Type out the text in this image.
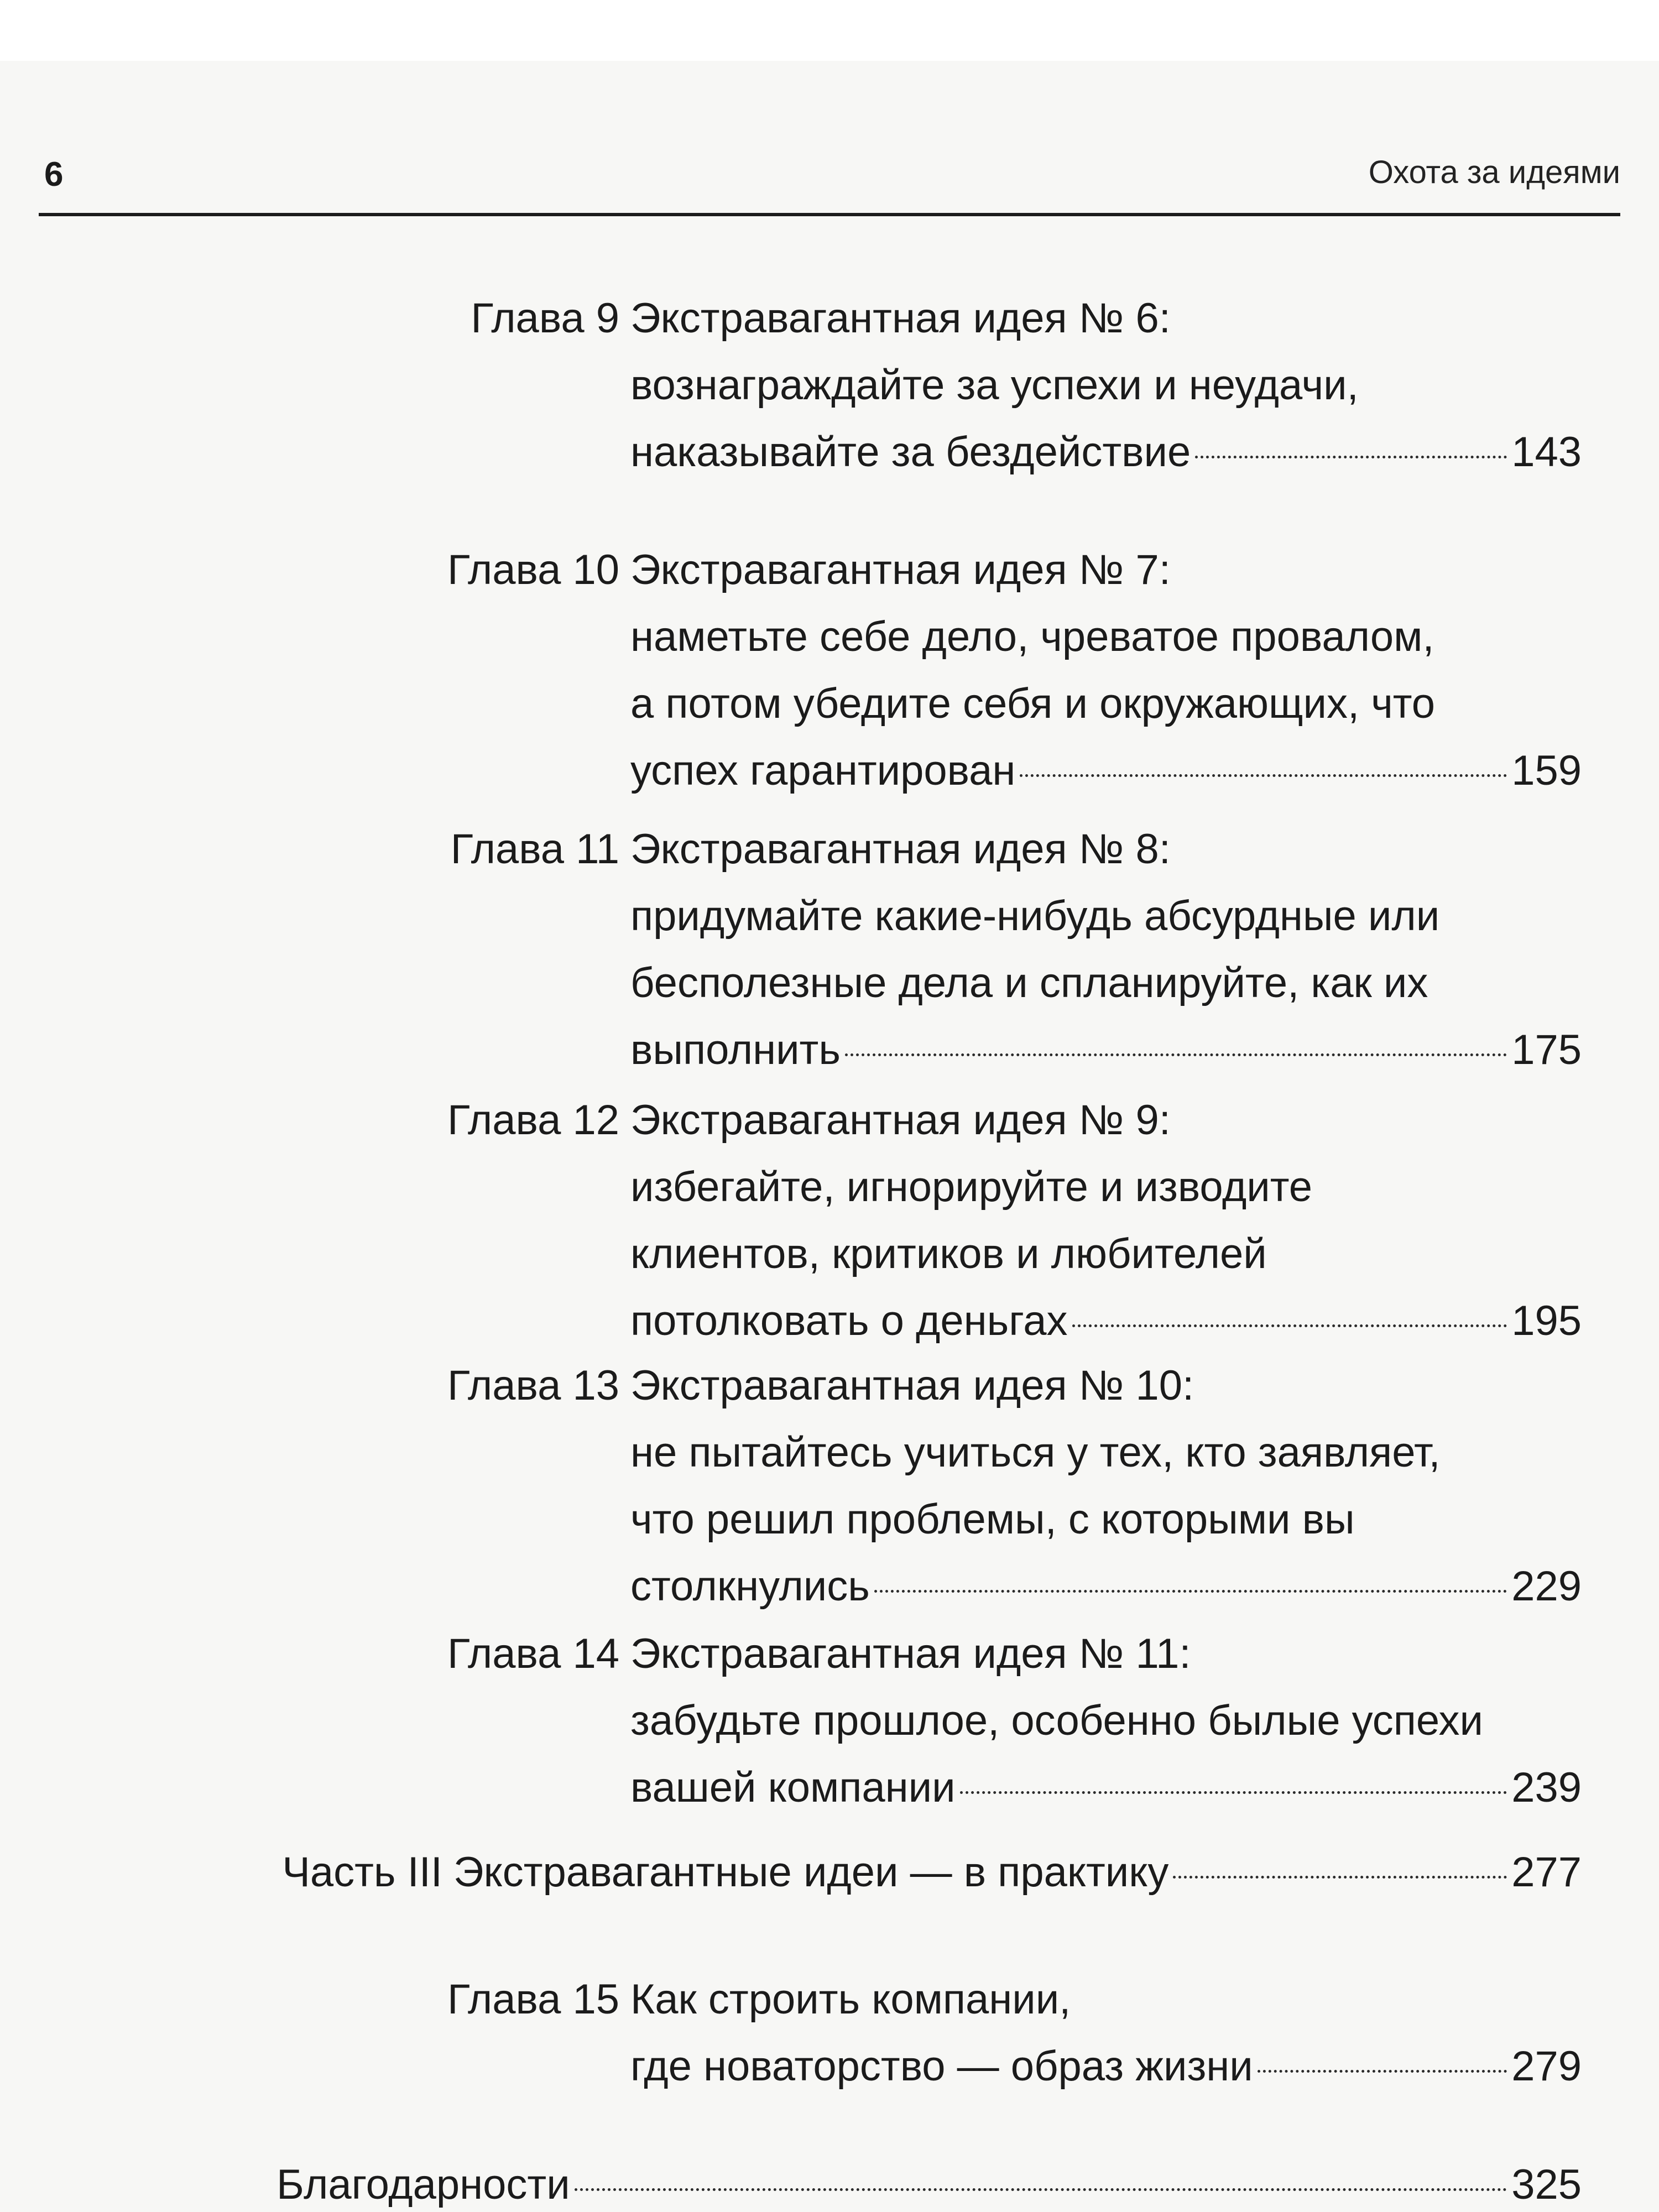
6	Охота за идеями
Глава 9 Экстравагантная идея № 6:
вознаграждайте за успехи и неудачи,
наказывайте за бездействие	143
Глава 10 Экстравагантная идея № 7:
наметьте себе дело, чреватое провалом,
а потом убедите себя и окружающих, что
успех гарантирован	159
Глава 11 Экстравагантная идея № 8:
придумайте какие-нибудь абсурдные или
бесполезные дела и спланируйте, как их
выполнить	175
Глава 12 Экстравагантная идея № 9:
избегайте, игнорируйте и изводите
клиентов, критиков и любителей
потолковать о деньгах	195
Глава 13 Экстравагантная идея № 10:
не пытайтесь учиться у тех, кто заявляет,
что решил проблемы, с которыми вы
столкнулись	229
Глава 14 Экстравагантная идея № 11:
забудьте прошлое, особенно былые успехи
вашей компании	239
Часть III Экстравагантные идеи — в практику	277
Глава 15 Как строить компании,
где новаторство — образ жизни	279
Благодарности	325
